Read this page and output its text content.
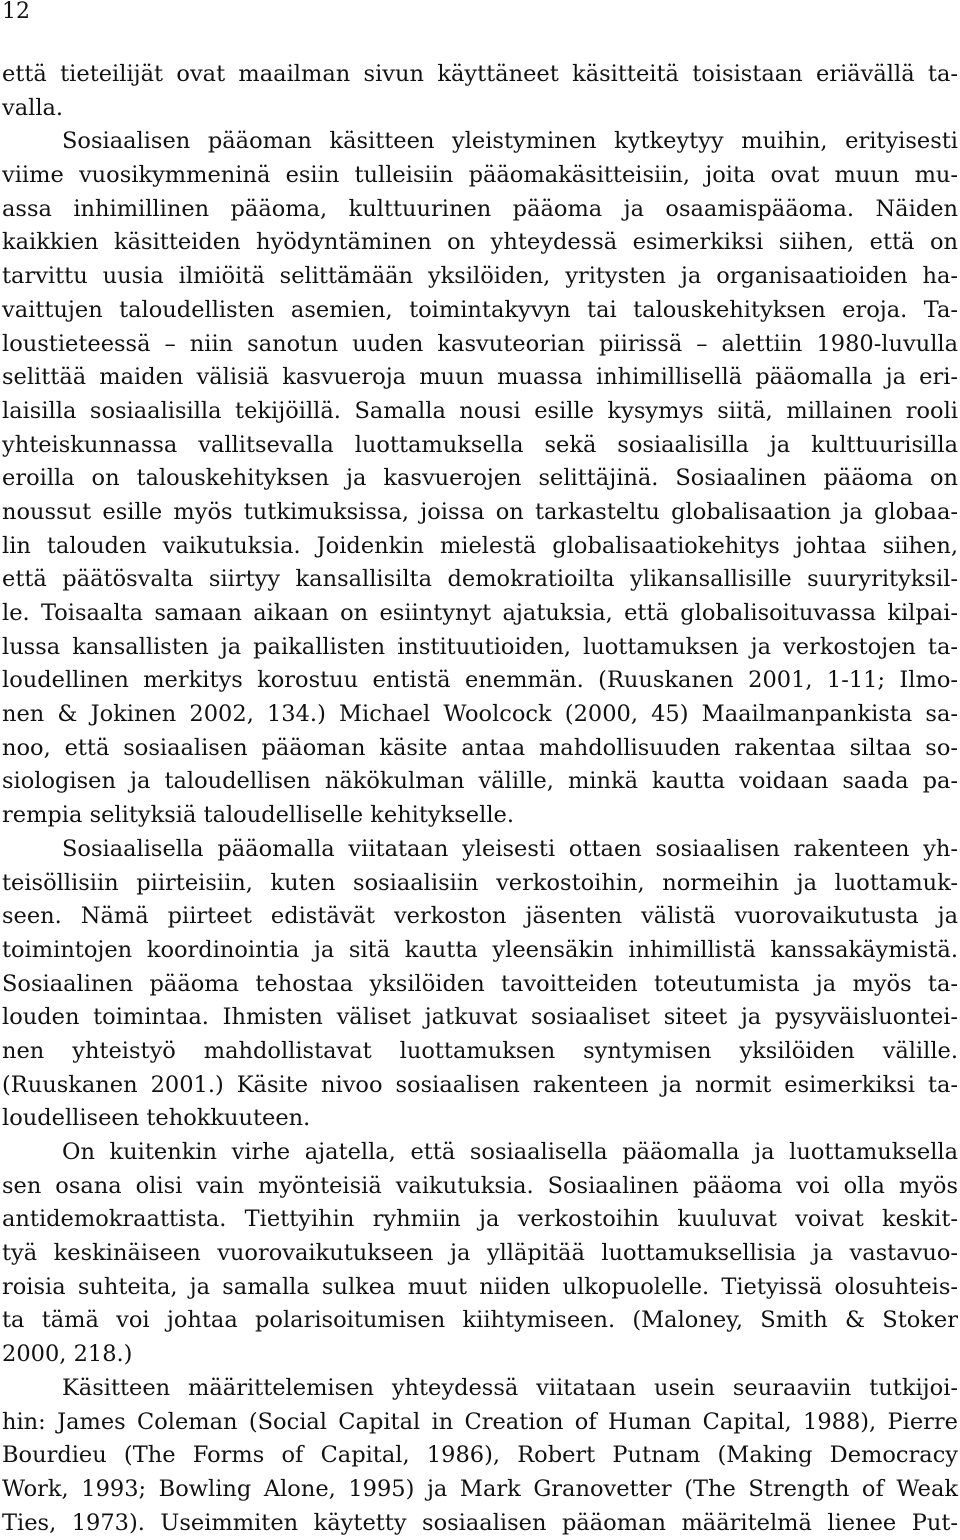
12
että tieteilijät ovat maailman sivun käyttäneet käsitteitä toisistaan eriävällä ta-
valla.
Sosiaalisen pääoman käsitteen yleistyminen kytkeytyy muihin, erityisesti
viime vuosikymmeninä esiin tulleisiin pääomakäsitteisiin, joita ovat muun mu-
assa inhimillinen pääoma, kulttuurinen pääoma ja osaamispääoma. Näiden
kaikkien käsitteiden hyödyntäminen on yhteydessä esimerkiksi siihen, että on
tarvittu uusia ilmiöitä selittämään yksilöiden, yritysten ja organisaatioiden ha-
vaittujen taloudellisten asemien, toimintakyvyn tai talouskehityksen eroja. Ta-
loustieteessä – niin sanotun uuden kasvuteorian piirissä – alettiin 1980-luvulla
selittää maiden välisiä kasvueroja muun muassa inhimillisellä pääomalla ja eri-
laisilla sosiaalisilla tekijöillä. Samalla nousi esille kysymys siitä, millainen rooli
yhteiskunnassa vallitsevalla luottamuksella sekä sosiaalisilla ja kulttuurisilla
eroilla on talouskehityksen ja kasvuerojen selittäjinä. Sosiaalinen pääoma on
noussut esille myös tutkimuksissa, joissa on tarkasteltu globalisaation ja globaa-
lin talouden vaikutuksia. Joidenkin mielestä globalisaatiokehitys johtaa siihen,
että päätösvalta siirtyy kansallisilta demokratioilta ylikansallisille suuryrityksil-
le. Toisaalta samaan aikaan on esiintynyt ajatuksia, että globalisoituvassa kilpai-
lussa kansallisten ja paikallisten instituutioiden, luottamuksen ja verkostojen ta-
loudellinen merkitys korostuu entistä enemmän. (Ruuskanen 2001, 1-11; Ilmo-
nen & Jokinen 2002, 134.) Michael Woolcock (2000, 45) Maailmanpankista sa-
noo, että sosiaalisen pääoman käsite antaa mahdollisuuden rakentaa siltaa so-
siologisen ja taloudellisen näkökulman välille, minkä kautta voidaan saada pa-
rempia selityksiä taloudelliselle kehitykselle.
Sosiaalisella pääomalla viitataan yleisesti ottaen sosiaalisen rakenteen yh-
teisöllisiin piirteisiin, kuten sosiaalisiin verkostoihin, normeihin ja luottamuk-
seen. Nämä piirteet edistävät verkoston jäsenten välistä vuorovaikutusta ja
toimintojen koordinointia ja sitä kautta yleensäkin inhimillistä kanssakäymistä.
Sosiaalinen pääoma tehostaa yksilöiden tavoitteiden toteutumista ja myös ta-
louden toimintaa. Ihmisten väliset jatkuvat sosiaaliset siteet ja pysyväisluontei-
nen yhteistyö mahdollistavat luottamuksen syntymisen yksilöiden välille.
(Ruuskanen 2001.) Käsite nivoo sosiaalisen rakenteen ja normit esimerkiksi ta-
loudelliseen tehokkuuteen.
On kuitenkin virhe ajatella, että sosiaalisella pääomalla ja luottamuksella
sen osana olisi vain myönteisiä vaikutuksia. Sosiaalinen pääoma voi olla myös
antidemokraattista. Tiettyihin ryhmiin ja verkostoihin kuuluvat voivat keskit-
tyä keskinäiseen vuorovaikutukseen ja ylläpitää luottamuksellisia ja vastavuo-
roisia suhteita, ja samalla sulkea muut niiden ulkopuolelle. Tietyissä olosuhteis-
ta tämä voi johtaa polarisoitumisen kiihtymiseen. (Maloney, Smith & Stoker
2000, 218.)
Käsitteen määrittelemisen yhteydessä viitataan usein seuraaviin tutkijoi-
hin: James Coleman (Social Capital in Creation of Human Capital, 1988), Pierre
Bourdieu (The Forms of Capital, 1986), Robert Putnam (Making Democracy
Work, 1993; Bowling Alone, 1995) ja Mark Granovetter (The Strength of Weak
Ties, 1973). Useimmiten käytetty sosiaalisen pääoman määritelmä lienee Put-
